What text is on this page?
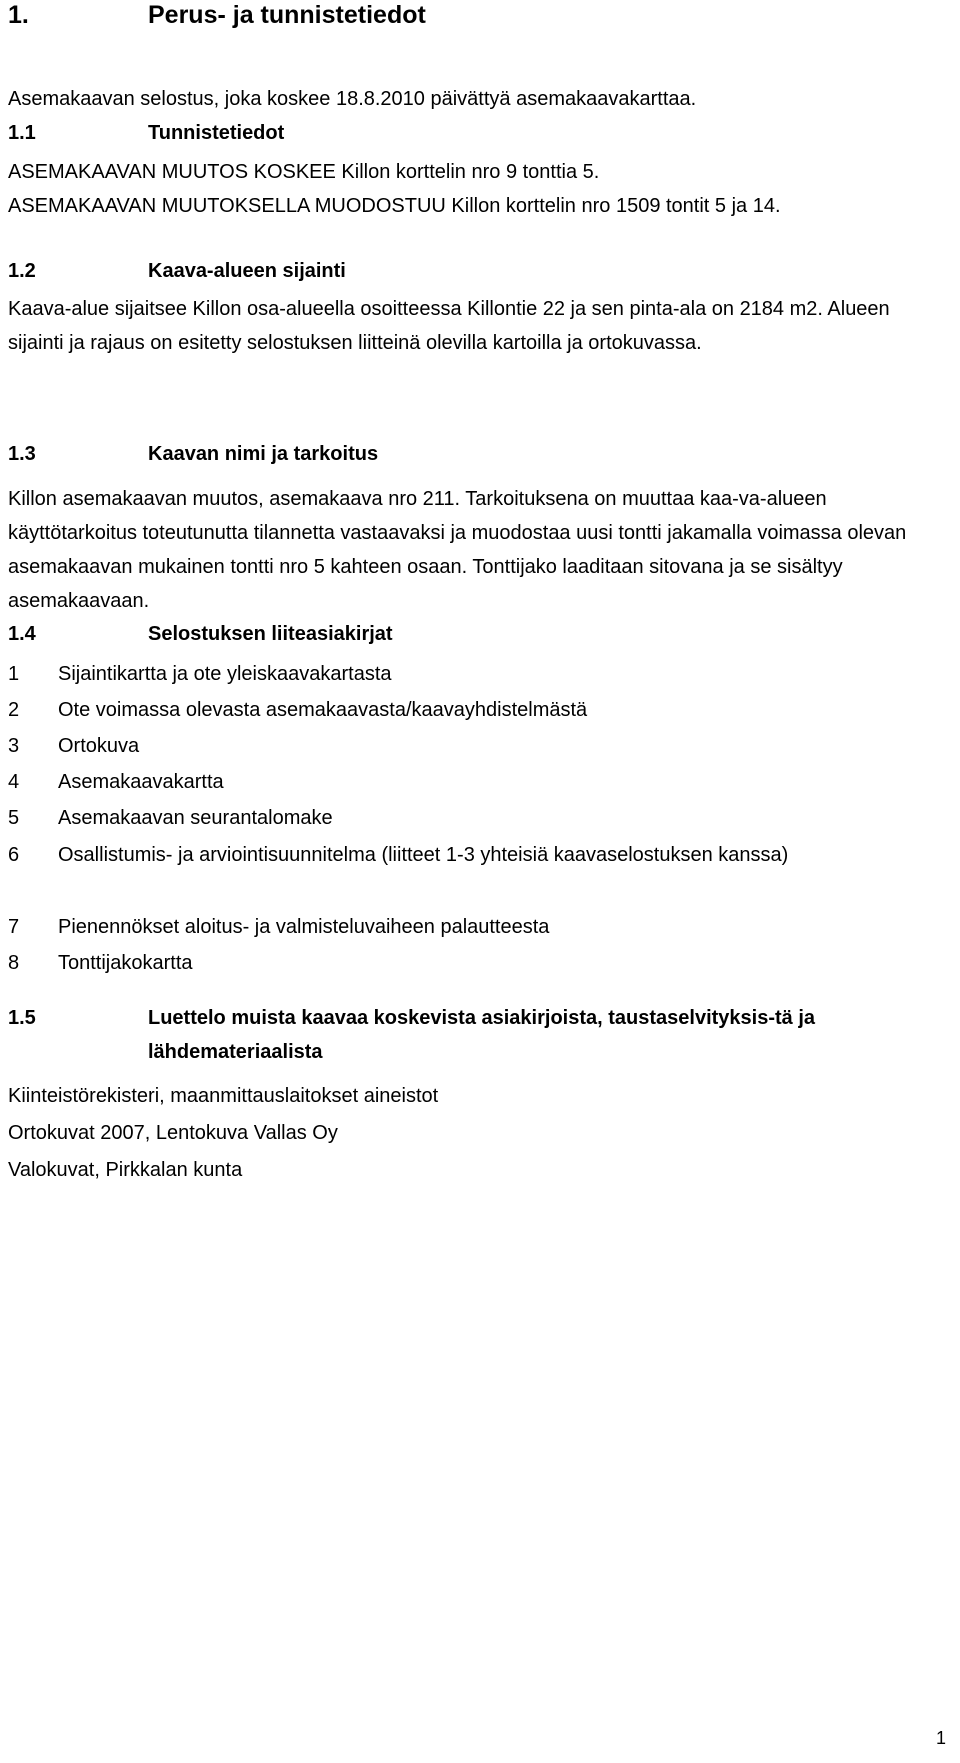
1.	Perus- ja tunnistetiedot
Asemakaavan selostus, joka koskee 18.8.2010 päivättyä asemakaavakarttaa.
1.1	Tunnistetiedot
ASEMAKAAVAN MUUTOS KOSKEE Killon korttelin nro 9 tonttia 5.
ASEMAKAAVAN MUUTOKSELLA MUODOSTUU Killon korttelin nro 1509 tontit 5 ja 14.
1.2	Kaava-alueen sijainti
Kaava-alue sijaitsee Killon osa-alueella osoitteessa Killontie 22 ja sen pinta-ala on 2184 m2. Alueen sijainti ja rajaus on esitetty selostuksen liitteinä olevilla kartoilla ja ortokuvassa.
1.3	Kaavan nimi ja tarkoitus
Killon asemakaavan muutos, asemakaava nro 211. Tarkoituksena on muuttaa kaa-va-alueen käyttötarkoitus toteutunutta tilannetta vastaavaksi ja muodostaa uusi tontti jakamalla voimassa olevan asemakaavan mukainen tontti nro 5 kahteen osaan. Tonttijako laaditaan sitovana ja se sisältyy asemakaavaan.
1.4	Selostuksen liiteasiakirjat
1 Sijaintikartta ja ote yleiskaavakartasta
2 Ote voimassa olevasta asemakaavasta/kaavayhdistelmästä
3 Ortokuva
4 Asemakaavakartta
5 Asemakaavan seurantalomake
6 Osallistumis- ja arviointisuunnitelma (liitteet 1-3 yhteisiä kaavaselostuksen kanssa)
7 Pienennökset aloitus- ja valmisteluvaiheen palautteesta
8 Tonttijakokartta
1.5	Luettelo muista kaavaa koskevista asiakirjoista, taustaselvityksis-tä ja lähdemateriaalista
Kiinteistörekisteri, maanmittauslaitokset aineistot
Ortokuvat 2007, Lentokuva Vallas Oy
Valokuvat, Pirkkalan kunta
1
